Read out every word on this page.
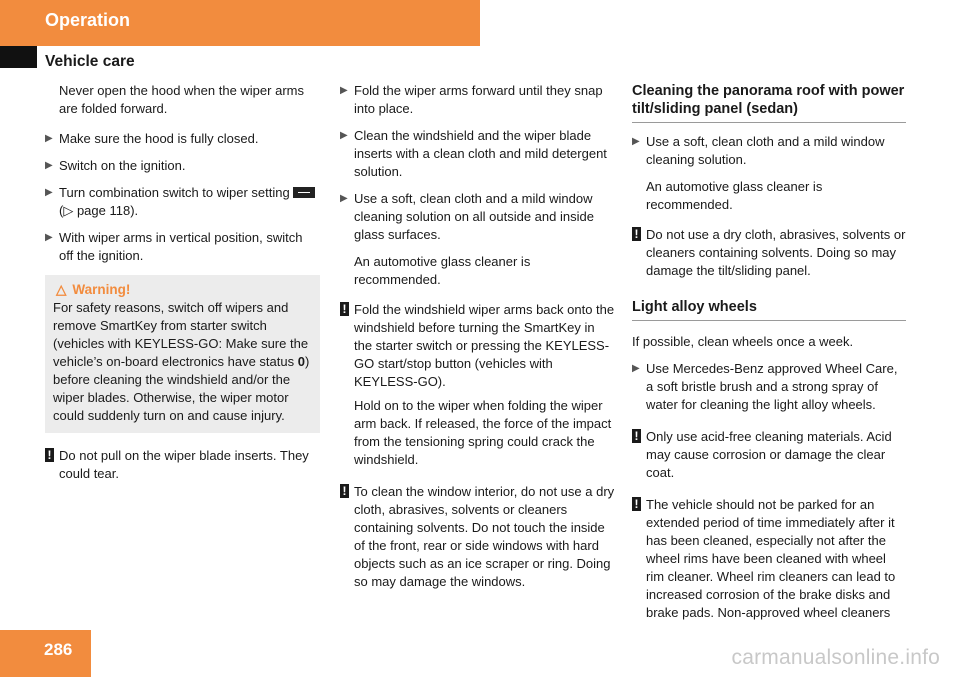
Operation
Vehicle care

Never open the hood when the wiper arms are folded forward.

▶ Make sure the hood is fully closed.
▶ Switch on the ignition.
▶ Turn combination switch to wiper setting  (▷ page 118).
▶ With wiper arms in vertical position, switch off the ignition.
△ Warning!

For safety reasons, switch off wipers and remove SmartKey from starter switch (vehicles with KEYLESS-GO: Make sure the vehicle’s on-board electronics have status 0) before cleaning the windshield and/or the wiper blades. Otherwise, the wiper motor could suddenly turn on and cause injury.

! Do not pull on the wiper blade inserts. They could tear.
▶ Fold the wiper arms forward until they snap into place.
▶ Clean the windshield and the wiper blade inserts with a clean cloth and mild detergent solution.
▶ Use a soft, clean cloth and a mild window cleaning solution on all outside and inside glass surfaces.

An automotive glass cleaner is recommended.

! Fold the windshield wiper arms back onto the windshield before turning the SmartKey in the starter switch or pressing the KEYLESS-GO start/stop button (vehicles with KEYLESS-GO).

Hold on to the wiper when folding the wiper arm back. If released, the force of the impact from the tensioning spring could crack the windshield.

! To clean the window interior, do not use a dry cloth, abrasives, solvents or cleaners containing solvents. Do not touch the inside of the front, rear or side windows with hard objects such as an ice scraper or ring. Doing so may damage the windows.
Cleaning the panorama roof with power tilt/sliding panel (sedan)
▶ Use a soft, clean cloth and a mild window cleaning solution.

An automotive glass cleaner is recommended.

! Do not use a dry cloth, abrasives, solvents or cleaners containing solvents. Doing so may damage the tilt/sliding panel.
Light alloy wheels

If possible, clean wheels once a week.

▶ Use Mercedes-Benz approved Wheel Care, a soft bristle brush and a strong spray of water for cleaning the light alloy wheels.
! Only use acid-free cleaning materials. Acid may cause corrosion or damage the clear coat.
! The vehicle should not be parked for an extended period of time immediately after it has been cleaned, especially not after the wheel rims have been cleaned with wheel rim cleaner. Wheel rim cleaners can lead to increased corrosion of the brake disks and brake pads. Non-approved wheel cleaners
286	carmanualsonline.info
